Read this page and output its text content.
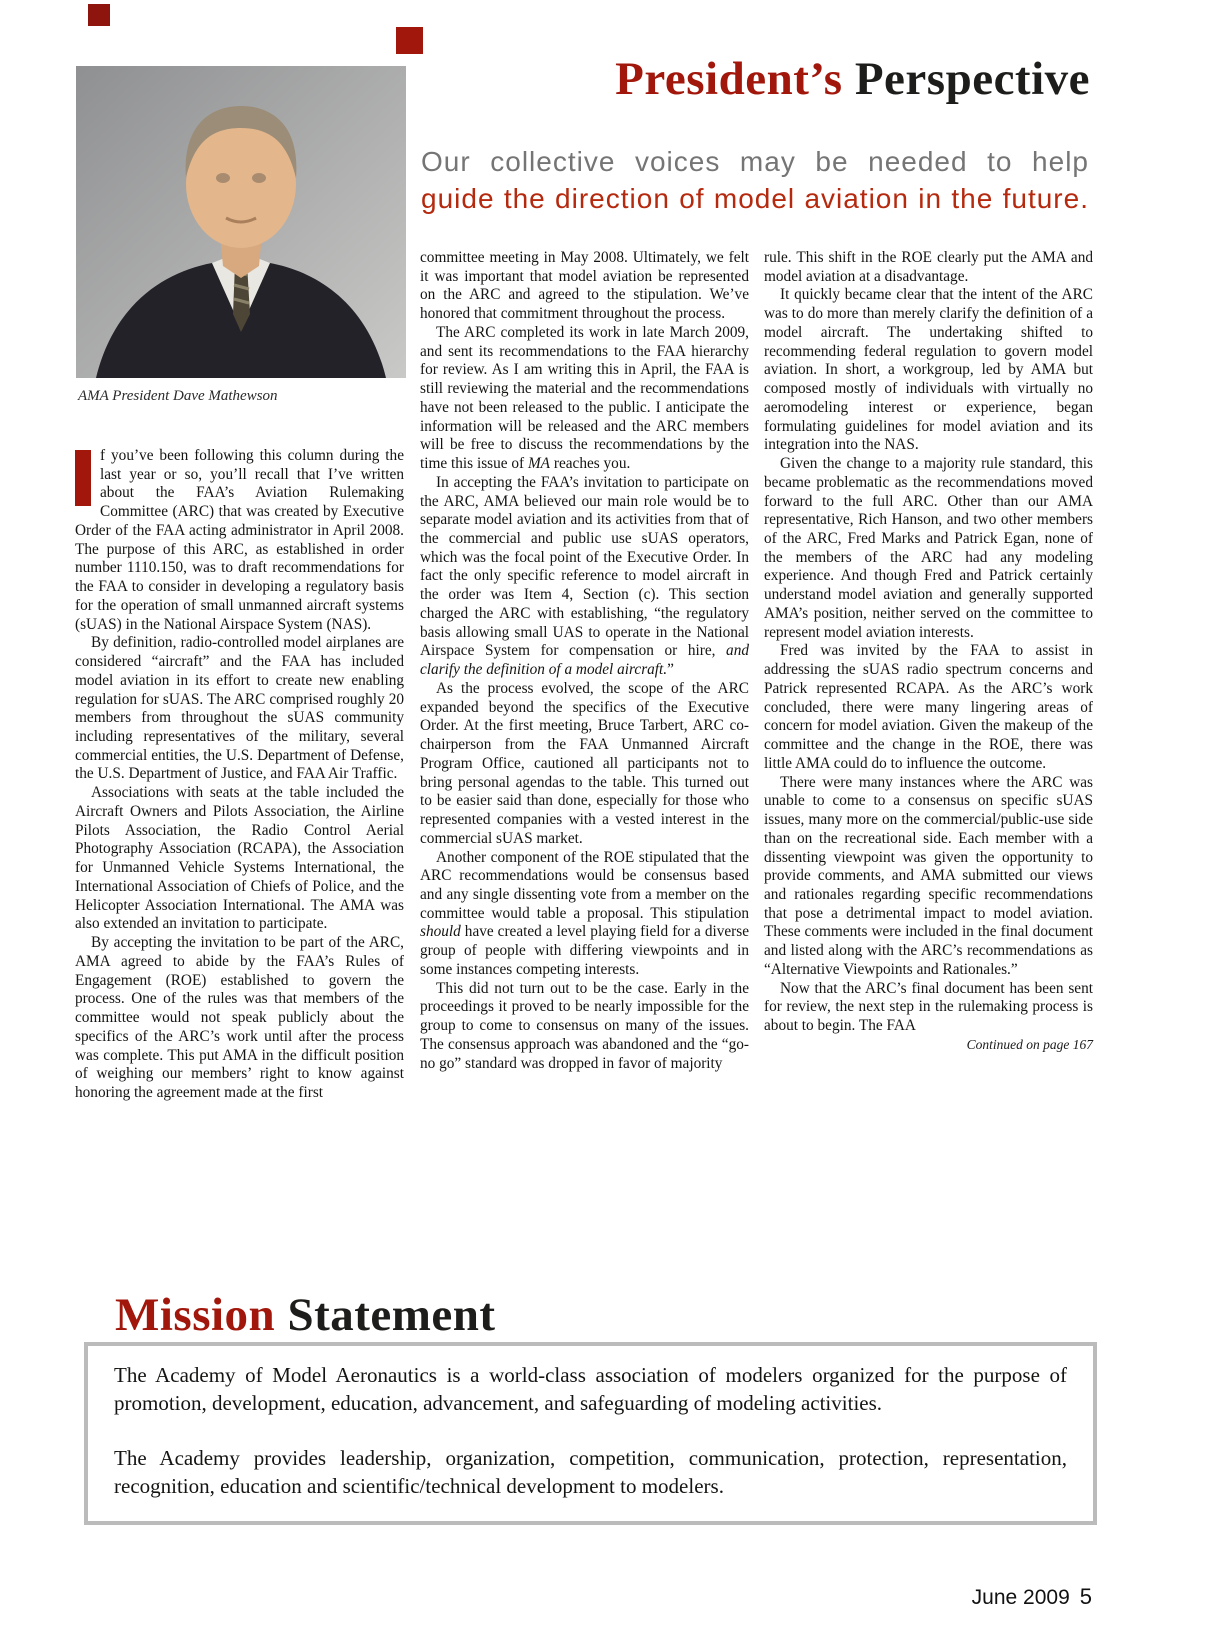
President’s Perspective
Our collective voices may be needed to help
guide the direction of model aviation in the future.
AMA President Dave Mathewson

I f you’ve been following this column during the last year or so, you’ll recall that I’ve written about the FAA’s Aviation Rulemaking Committee (ARC) that was created by Executive Order of the FAA acting administrator in April 2008. The purpose of this ARC, as established in order number 1110.150, was to draft recommendations for the FAA to consider in developing a regulatory basis for the operation of small unmanned aircraft systems (sUAS) in the National Airspace System (NAS).

By definition, radio-controlled model airplanes are considered “aircraft” and the FAA has included model aviation in its effort to create new enabling regulation for sUAS. The ARC comprised roughly 20 members from throughout the sUAS community including representatives of the military, several commercial entities, the U.S. Department of Defense, the U.S. Department of Justice, and FAA Air Traffic.

Associations with seats at the table included the Aircraft Owners and Pilots Association, the Airline Pilots Association, the Radio Control Aerial Photography Association (RCAPA), the Association for Unmanned Vehicle Systems International, the International Association of Chiefs of Police, and the Helicopter Association International. The AMA was also extended an invitation to participate.

By accepting the invitation to be part of the ARC, AMA agreed to abide by the FAA’s Rules of Engagement (ROE) established to govern the process. One of the rules was that members of the committee would not speak publicly about the specifics of the ARC’s work until after the process was complete. This put AMA in the difficult position of weighing our members’ right to know against honoring the agreement made at the first

committee meeting in May 2008. Ultimately, we felt it was important that model aviation be represented on the ARC and agreed to the stipulation. We’ve honored that commitment throughout the process.

The ARC completed its work in late March 2009, and sent its recommendations to the FAA hierarchy for review. As I am writing this in April, the FAA is still reviewing the material and the recommendations have not been released to the public. I anticipate the information will be released and the ARC members will be free to discuss the recommendations by the time this issue of MA reaches you.

In accepting the FAA’s invitation to participate on the ARC, AMA believed our main role would be to separate model aviation and its activities from that of the commercial and public use sUAS operators, which was the focal point of the Executive Order. In fact the only specific reference to model aircraft in the order was Item 4, Section (c). This section charged the ARC with establishing, “the regulatory basis allowing small UAS to operate in the National Airspace System for compensation or hire, and clarify the definition of a model aircraft.”

As the process evolved, the scope of the ARC expanded beyond the specifics of the Executive Order. At the first meeting, Bruce Tarbert, ARC co-chairperson from the FAA Unmanned Aircraft Program Office, cautioned all participants not to bring personal agendas to the table. This turned out to be easier said than done, especially for those who represented companies with a vested interest in the commercial sUAS market.

Another component of the ROE stipulated that the ARC recommendations would be consensus based and any single dissenting vote from a member on the committee would table a proposal. This stipulation should have created a level playing field for a diverse group of people with differing viewpoints and in some instances competing interests.

This did not turn out to be the case. Early in the proceedings it proved to be nearly impossible for the group to come to consensus on many of the issues. The consensus approach was abandoned and the “go-no go” standard was dropped in favor of majority

rule. This shift in the ROE clearly put the AMA and model aviation at a disadvantage.

It quickly became clear that the intent of the ARC was to do more than merely clarify the definition of a model aircraft. The undertaking shifted to recommending federal regulation to govern model aviation. In short, a workgroup, led by AMA but composed mostly of individuals with virtually no aeromodeling interest or experience, began formulating guidelines for model aviation and its integration into the NAS.

Given the change to a majority rule standard, this became problematic as the recommendations moved forward to the full ARC. Other than our AMA representative, Rich Hanson, and two other members of the ARC, Fred Marks and Patrick Egan, none of the members of the ARC had any modeling experience. And though Fred and Patrick certainly understand model aviation and generally supported AMA’s position, neither served on the committee to represent model aviation interests.

Fred was invited by the FAA to assist in addressing the sUAS radio spectrum concerns and Patrick represented RCAPA. As the ARC’s work concluded, there were many lingering areas of concern for model aviation. Given the makeup of the committee and the change in the ROE, there was little AMA could do to influence the outcome.

There were many instances where the ARC was unable to come to a consensus on specific sUAS issues, many more on the commercial/public-use side than on the recreational side. Each member with a dissenting viewpoint was given the opportunity to provide comments, and AMA submitted our views and rationales regarding specific recommendations that pose a detrimental impact to model aviation. These comments were included in the final document and listed along with the ARC’s recommendations as “Alternative Viewpoints and Rationales.”

Now that the ARC’s final document has been sent for review, the next step in the rulemaking process is about to begin. The FAA

Continued on page 167
Mission Statement

The Academy of Model Aeronautics is a world-class association of modelers organized for the purpose of promotion, development, education, advancement, and safeguarding of modeling activities.

The Academy provides leadership, organization, competition, communication, protection, representation, recognition, education and scientific/technical development to modelers.

June 2009 5
